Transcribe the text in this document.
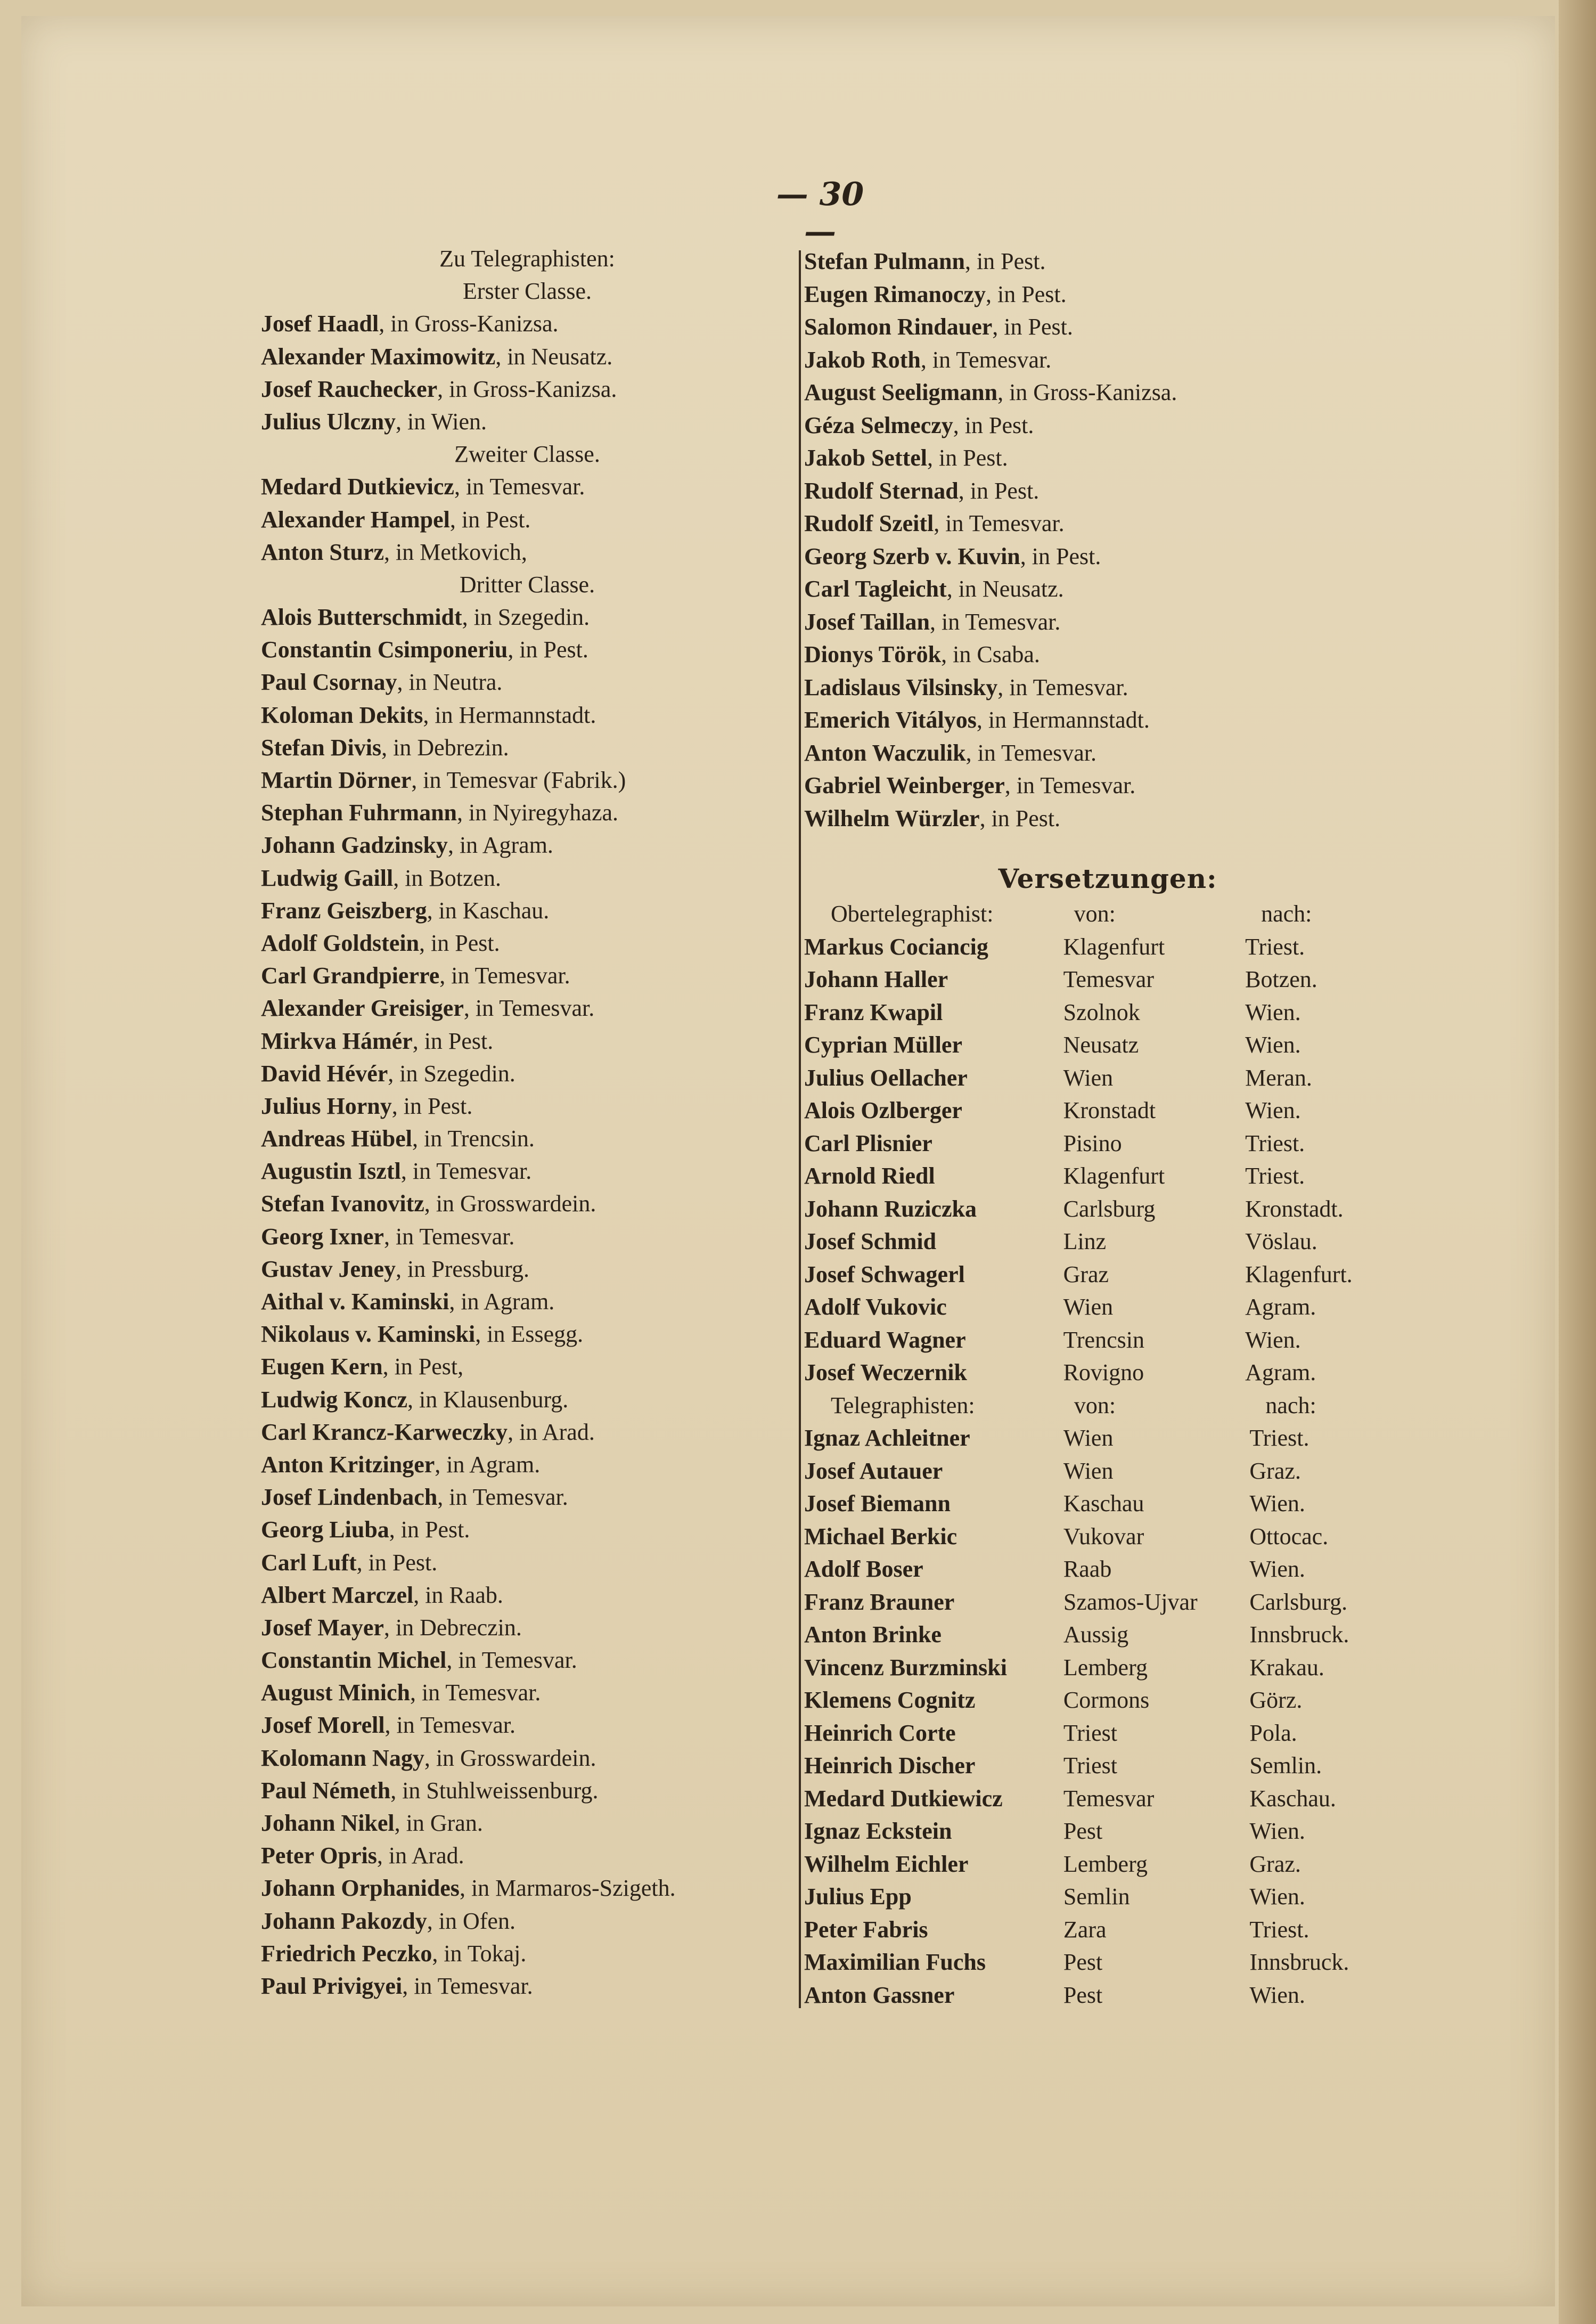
— 30 —
Zu Telegraphisten:
Erster Classe.
Josef Haadl, in Gross-Kanizsa.
Alexander Maximowitz, in Neusatz.
Josef Rauchecker, in Gross-Kanizsa.
Julius Ulczny, in Wien.
Zweiter Classe.
Medard Dutkievicz, in Temesvar.
Alexander Hampel, in Pest.
Anton Sturz, in Metkovich,
Dritter Classe.
Alois Butterschmidt, in Szegedin.
Constantin Csimponeriu, in Pest.
Paul Csornay, in Neutra.
Koloman Dekits, in Hermannstadt.
Stefan Divis, in Debrezin.
Martin Dörner, in Temesvar (Fabrik.)
Stephan Fuhrmann, in Nyiregyhaza.
Johann Gadzinsky, in Agram.
Ludwig Gaill, in Botzen.
Franz Geiszberg, in Kaschau.
Adolf Goldstein, in Pest.
Carl Grandpierre, in Temesvar.
Alexander Greisiger, in Temesvar.
Mirkva Hámér, in Pest.
David Hévér, in Szegedin.
Julius Horny, in Pest.
Andreas Hübel, in Trencsin.
Augustin Isztl, in Temesvar.
Stefan Ivanovitz, in Grosswardein.
Georg Ixner, in Temesvar.
Gustav Jeney, in Pressburg.
Aithal v. Kaminski, in Agram.
Nikolaus v. Kaminski, in Essegg.
Eugen Kern, in Pest,
Ludwig Koncz, in Klausenburg.
Carl Krancz-Karweczky, in Arad.
Anton Kritzinger, in Agram.
Josef Lindenbach, in Temesvar.
Georg Liuba, in Pest.
Carl Luft, in Pest.
Albert Marczel, in Raab.
Josef Mayer, in Debreczin.
Constantin Michel, in Temesvar.
August Minich, in Temesvar.
Josef Morell, in Temesvar.
Kolomann Nagy, in Grosswardein.
Paul Németh, in Stuhlweissenburg.
Johann Nikel, in Gran.
Peter Opris, in Arad.
Johann Orphanides, in Marmaros-Szigeth.
Johann Pakozdy, in Ofen.
Friedrich Peczko, in Tokaj.
Paul Privigyei, in Temesvar.
Stefan Pulmann, in Pest.
Eugen Rimanoczy, in Pest.
Salomon Rindauer, in Pest.
Jakob Roth, in Temesvar.
August Seeligmann, in Gross-Kanizsa.
Géza Selmeczy, in Pest.
Jakob Settel, in Pest.
Rudolf Sternad, in Pest.
Rudolf Szeitl, in Temesvar.
Georg Szerb v. Kuvin, in Pest.
Carl Tagleicht, in Neusatz.
Josef Taillan, in Temesvar.
Dionys Török, in Csaba.
Ladislaus Vilsinsky, in Temesvar.
Emerich Vitályos, in Hermannstadt.
Anton Waczulik, in Temesvar.
Gabriel Weinberger, in Temesvar.
Wilhelm Würzler, in Pest.
Versetzungen:
Obertelegraphist:	von:	nach:
Markus Cociancig	Klagenfurt	Triest.
Johann Haller	Temesvar	Botzen.
Franz Kwapil	Szolnok	Wien.
Cyprian Müller	Neusatz	Wien.
Julius Oellacher	Wien	Meran.
Alois Ozlberger	Kronstadt	Wien.
Carl Plisnier	Pisino	Triest.
Arnold Riedl	Klagenfurt	Triest.
Johann Ruziczka	Carlsburg	Kronstadt.
Josef Schmid	Linz	Vöslau.
Josef Schwagerl	Graz	Klagenfurt.
Adolf Vukovic	Wien	Agram.
Eduard Wagner	Trencsin	Wien.
Josef Weczernik	Rovigno	Agram.
Telegraphisten:	von:	nach:
Ignaz Achleitner	Wien	Triest.
Josef Autauer	Wien	Graz.
Josef Biemann	Kaschau	Wien.
Michael Berkic	Vukovar	Ottocac.
Adolf Boser	Raab	Wien.
Franz Brauner	Szamos-Ujvar	Carlsburg.
Anton Brinke	Aussig	Innsbruck.
Vincenz Burzminski	Lemberg	Krakau.
Klemens Cognitz	Cormons	Görz.
Heinrich Corte	Triest	Pola.
Heinrich Discher	Triest	Semlin.
Medard Dutkiewicz	Temesvar	Kaschau.
Ignaz Eckstein	Pest	Wien.
Wilhelm Eichler	Lemberg	Graz.
Julius Epp	Semlin	Wien.
Peter Fabris	Zara	Triest.
Maximilian Fuchs	Pest	Innsbruck.
Anton Gassner	Pest	Wien.
